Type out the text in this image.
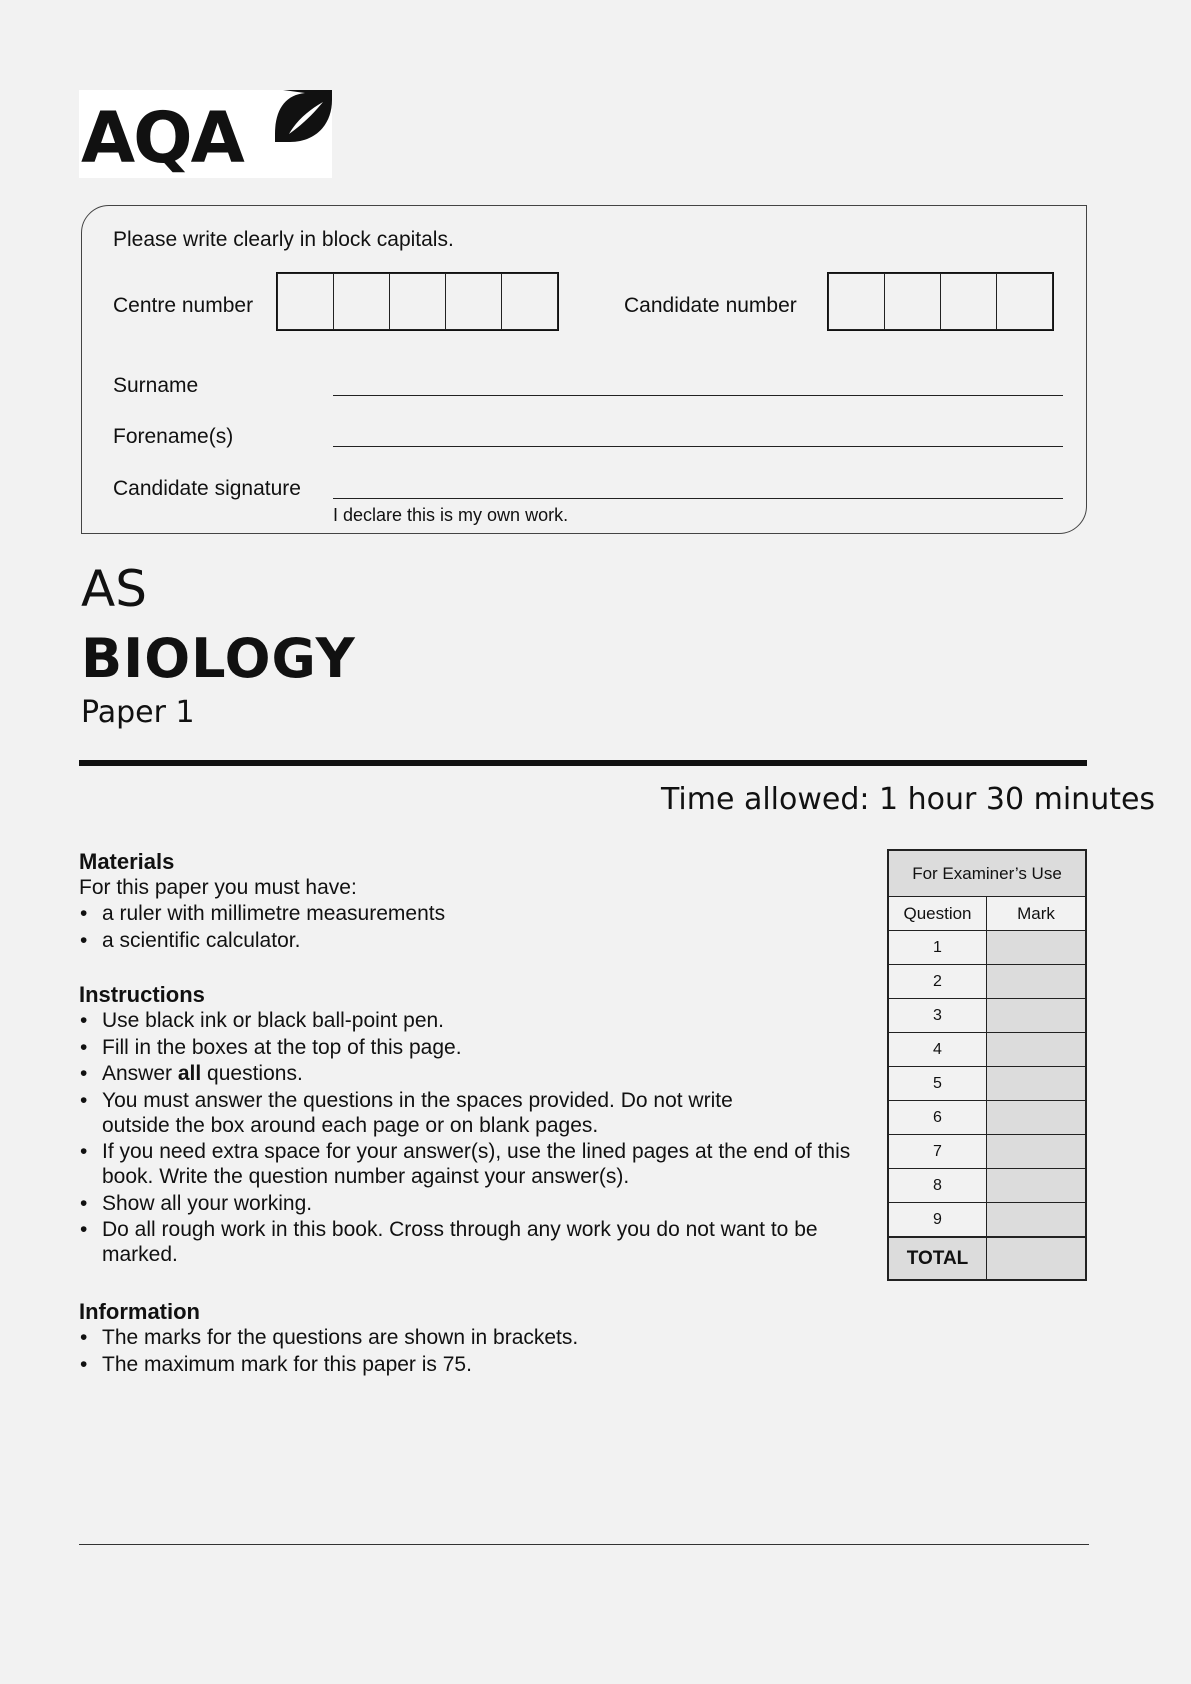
AQA
Please write clearly in block capitals.
Centre number	Candidate number
Surname
Forename(s)
Candidate signature
I declare this is my own work.
AS
BIOLOGY
Paper 1
Time allowed: 1 hour 30 minutes
Materials
For this paper you must have:
• a ruler with millimetre measurements
• a scientific calculator.
Instructions
• Use black ink or black ball-point pen.
• Fill in the boxes at the top of this page.
• Answer all questions.
• You must answer the questions in the spaces provided. Do not write outside the box around each page or on blank pages.
• If you need extra space for your answer(s), use the lined pages at the end of this book. Write the question number against your answer(s).
• Show all your working.
• Do all rough work in this book. Cross through any work you do not want to be marked.
Information
• The marks for the questions are shown in brackets.
• The maximum mark for this paper is 75.
For Examiner’s Use
Question	Mark
1
2
3
4
5
6
7
8
9
TOTAL
